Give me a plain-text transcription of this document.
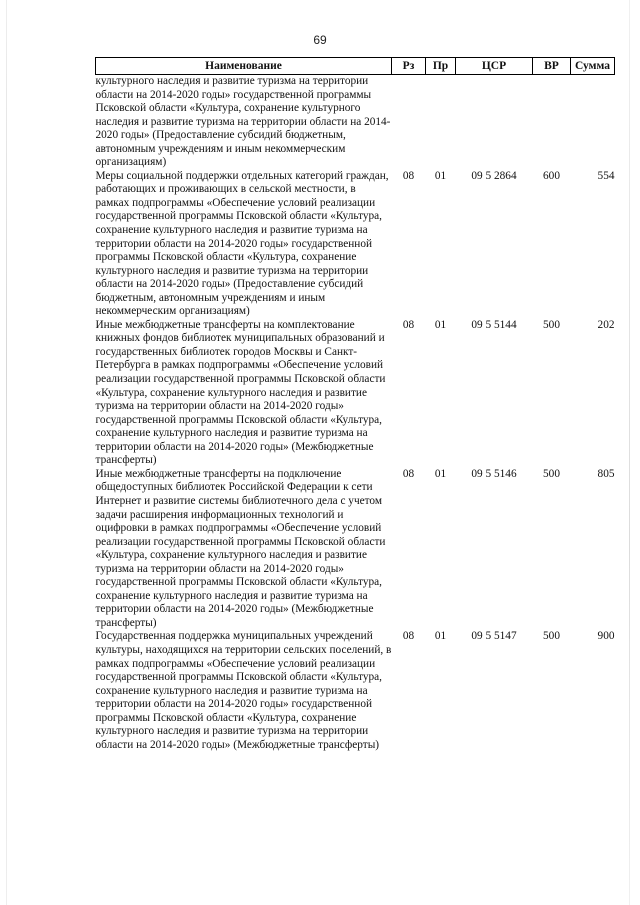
69
Наименование	Рз	Пр	ЦСР	ВР	Сумма
культурного наследия и развитие туризма на территории области на 2014-2020 годы» государственной программы Псковской области «Культура, сохранение культурного наследия и развитие туризма на территории области на 2014-2020 годы» (Предоставление субсидий бюджетным, автономным учреждениям и иным некоммерческим организациям)					
Меры социальной поддержки отдельных категорий граждан, работающих и проживающих в сельской местности, в рамках подпрограммы «Обеспечение условий реализации государственной программы Псковской области «Культура, сохранение культурного наследия и развитие туризма на территории области на 2014-2020 годы» государственной программы Псковской области «Культура, сохранение культурного наследия и развитие туризма на территории области на 2014-2020 годы» (Предоставление субсидий бюджетным, автономным учреждениям и иным некоммерческим организациям)	08	01	09 5 2864	600	554
Иные межбюджетные трансферты на комплектование книжных фондов библиотек муниципальных образований и государственных библиотек городов Москвы и Санкт-Петербурга в рамках подпрограммы «Обеспечение условий реализации государственной программы Псковской области «Культура, сохранение культурного наследия и развитие туризма на территории области на 2014-2020 годы» государственной программы Псковской области «Культура, сохранение культурного наследия и развитие туризма на территории области на 2014-2020 годы» (Межбюджетные трансферты)	08	01	09 5 5144	500	202
Иные межбюджетные трансферты на подключение общедоступных библиотек Российской Федерации к сети Интернет и развитие системы библиотечного дела с учетом задачи расширения информационных технологий и оцифровки в рамках подпрограммы «Обеспечение условий реализации государственной программы Псковской области «Культура, сохранение культурного наследия и развитие туризма на территории области на 2014-2020 годы» государственной программы Псковской области «Культура, сохранение культурного наследия и развитие туризма на территории области на 2014-2020 годы» (Межбюджетные трансферты)	08	01	09 5 5146	500	805
Государственная поддержка муниципальных учреждений культуры, находящихся на территории сельских поселений, в рамках подпрограммы «Обеспечение условий реализации государственной программы Псковской области «Культура, сохранение культурного наследия и развитие туризма на территории области на 2014-2020 годы» государственной программы Псковской области «Культура, сохранение культурного наследия и развитие туризма на территории области на 2014-2020 годы» (Межбюджетные трансферты)	08	01	09 5 5147	500	900
